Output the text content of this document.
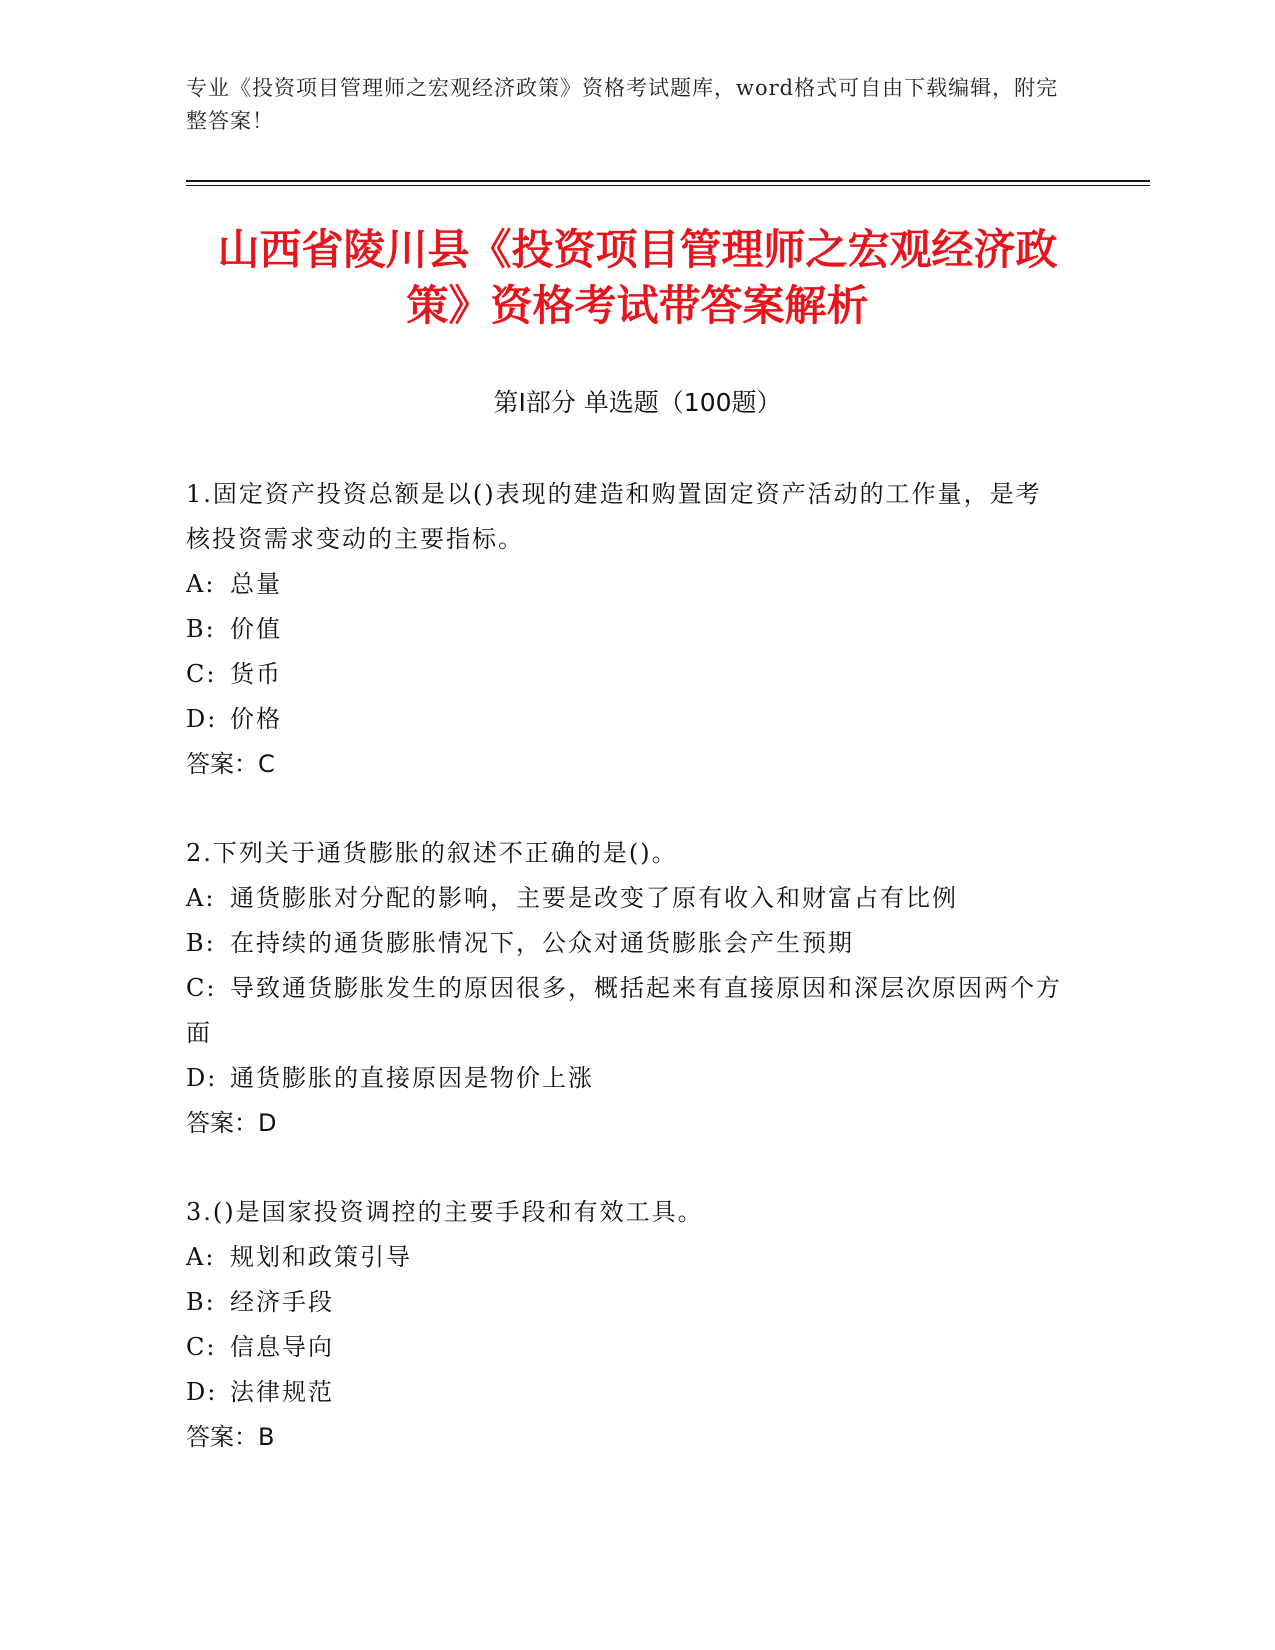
专业《投资项目管理师之宏观经济政策》资格考试题库，word格式可自由下载编辑，附完整答案！
山西省陵川县《投资项目管理师之宏观经济政策》资格考试带答案解析
第Ⅰ部分 单选题（100题）

1.固定资产投资总额是以()表现的建造和购置固定资产活动的工作量，是考核投资需求变动的主要指标。

A: 总量

B: 价值

C: 货币

D: 价格

答案：C

2.下列关于通货膨胀的叙述不正确的是()。

A: 通货膨胀对分配的影响，主要是改变了原有收入和财富占有比例

B: 在持续的通货膨胀情况下，公众对通货膨胀会产生预期

C: 导致通货膨胀发生的原因很多，概括起来有直接原因和深层次原因两个方面

D: 通货膨胀的直接原因是物价上涨

答案：D

3.()是国家投资调控的主要手段和有效工具。

A: 规划和政策引导

B: 经济手段

C: 信息导向

D: 法律规范

答案：B
